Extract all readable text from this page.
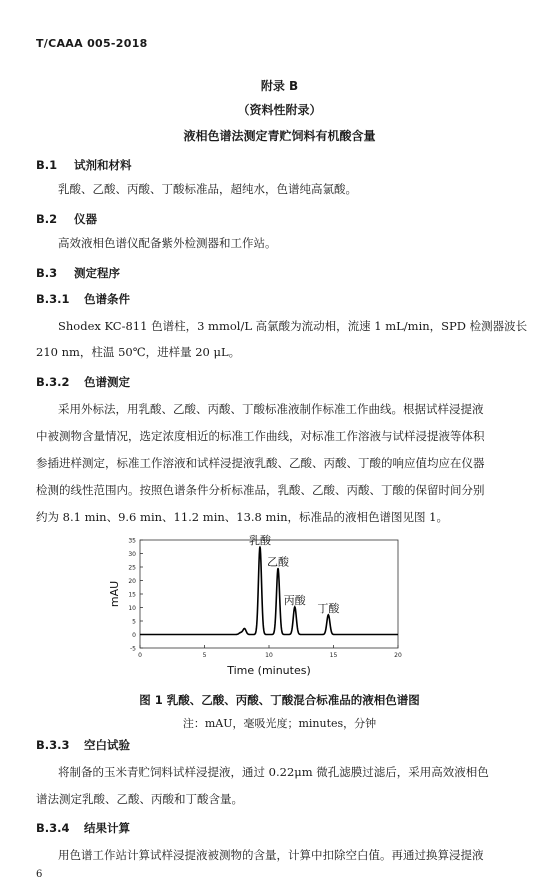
T/CAAA 005-2018
附录 B
（资料性附录）
液相色谱法测定青贮饲料有机酸含量
B.1 试剂和材料
乳酸、乙酸、丙酸、丁酸标准品，超纯水，色谱纯高氯酸。
B.2 仪器
高效液相色谱仪配备紫外检测器和工作站。
B.3 测定程序
B.3.1 色谱条件
Shodex KC-811 色谱柱，3 mmol/L 高氯酸为流动相，流速 1 mL/min，SPD 检测器波长
210 nm，柱温 50℃，进样量 20 μL。
B.3.2 色谱测定
采用外标法，用乳酸、乙酸、丙酸、丁酸标准液制作标准工作曲线。根据试样浸提液
中被测物含量情况，选定浓度相近的标准工作曲线，对标准工作溶液与试样浸提液等体积
参插进样测定，标准工作溶液和试样浸提液乳酸、乙酸、丙酸、丁酸的响应值均应在仪器
检测的线性范围内。按照色谱条件分析标准品，乳酸、乙酸、丙酸、丁酸的保留时间分别
约为 8.1 min、9.6 min、11.2 min、13.8 min，标准品的液相色谱图见图 1。
-5
0
5
10
15
20
25
30
35
0	5	10	15	20
Time (minutes)
mAU
乳酸
乙酸
丙酸
丁酸
图 1 乳酸、乙酸、丙酸、丁酸混合标准品的液相色谱图
注：mAU，毫吸光度；minutes，分钟
B.3.3 空白试验
将制备的玉米青贮饲料试样浸提液，通过 0.22μm 微孔滤膜过滤后，采用高效液相色
谱法测定乳酸、乙酸、丙酸和丁酸含量。
B.3.4 结果计算
用色谱工作站计算试样浸提液被测物的含量，计算中扣除空白值。再通过换算浸提液
6
